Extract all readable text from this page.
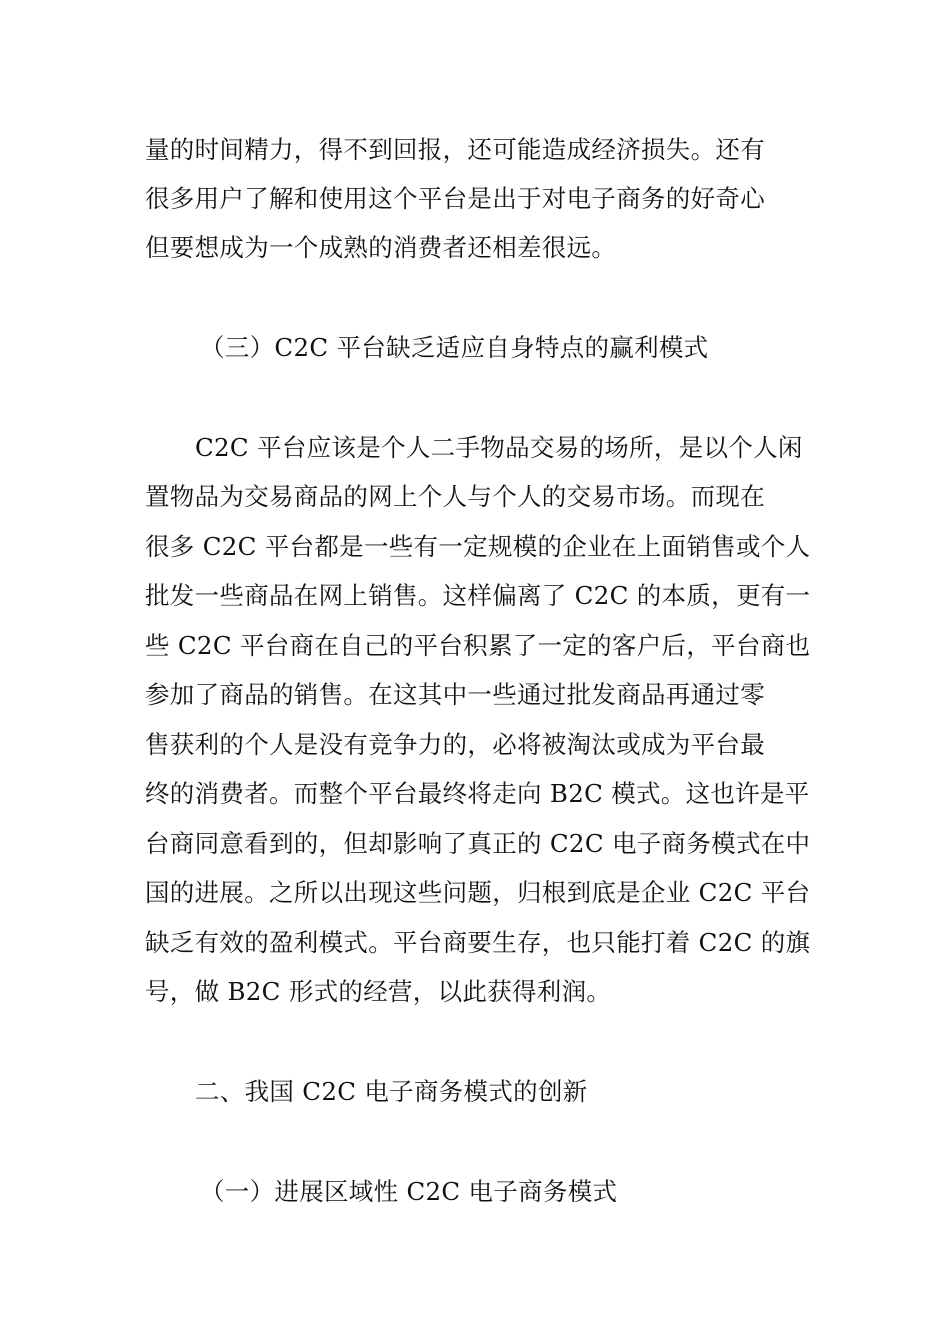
量的时间精力，得不到回报，还可能造成经济损失。还有
很多用户了解和使用这个平台是出于对电子商务的好奇心
但要想成为一个成熟的消费者还相差很远。
（三）C2C 平台缺乏适应自身特点的赢利模式
C2C 平台应该是个人二手物品交易的场所，是以个人闲
置物品为交易商品的网上个人与个人的交易市场。而现在
很多 C2C 平台都是一些有一定规模的企业在上面销售或个人
批发一些商品在网上销售。这样偏离了 C2C 的本质，更有一
些 C2C 平台商在自己的平台积累了一定的客户后，平台商也
参加了商品的销售。在这其中一些通过批发商品再通过零
售获利的个人是没有竞争力的，必将被淘汰或成为平台最
终的消费者。而整个平台最终将走向 B2C 模式。这也许是平
台商同意看到的，但却影响了真正的 C2C 电子商务模式在中
国的进展。之所以出现这些问题，归根到底是企业 C2C 平台
缺乏有效的盈利模式。平台商要生存，也只能打着 C2C 的旗
号，做 B2C 形式的经营，以此获得利润。
二、我国 C2C 电子商务模式的创新
（一）进展区域性 C2C 电子商务模式
